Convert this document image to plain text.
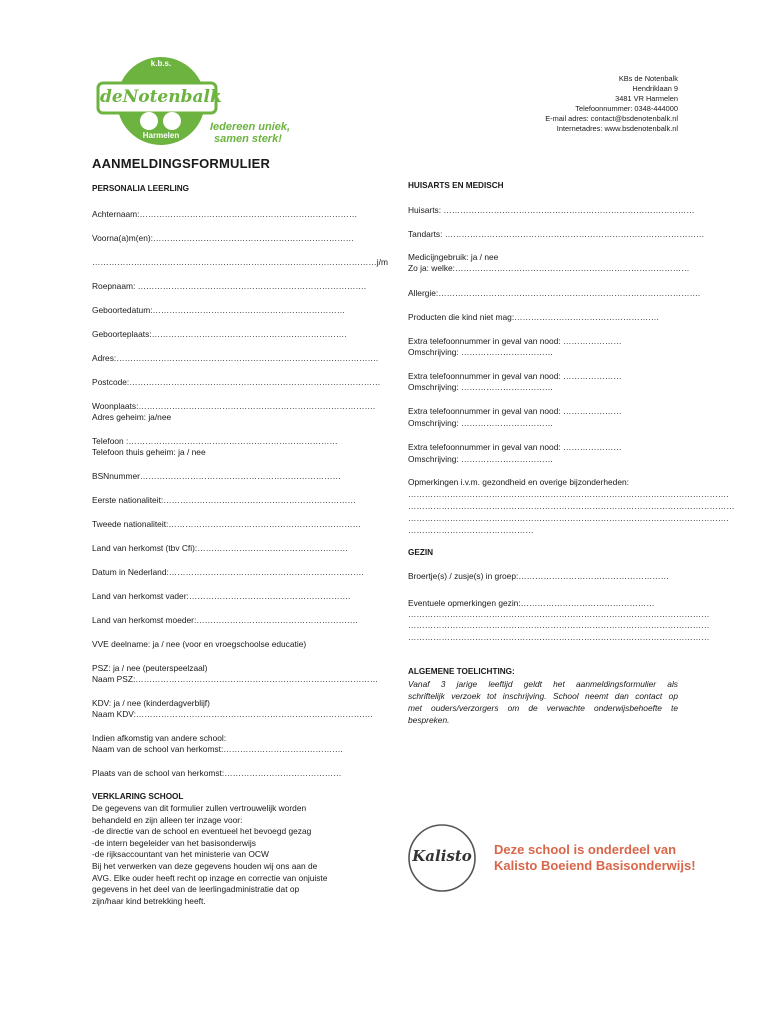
k.b.s.
deNotenbalk
Harmelen
Iedereen uniek,
samen sterk!
KBs de Notenbalk
Hendriklaan 9
3481 VR Harmelen
Telefoonnummer: 0348-444000
E-mail adres: contact@bsdenotenbalk.nl
Internetadres: www.bsdenotenbalk.nl
AANMELDINGSFORMULIER
PERSONALIA LEERLING
Achternaam:……………………………………………………………………
Voorna(a)m(en):………………………………………………………………
…………………………………………………………………………………………j/m
Roepnaam: ……………………………………………………………………….
Geboortedatum:……………………………………………………………
Geboorteplaats:…………………………………………………………….
Adres:………………………………………………………………………………….
Postcode:………………………………………………………………………………
Woonplaats:………………………………………………………………………….
Adres geheim: ja/nee
Telefoon :…………………………………………………………………
Telefoon thuis geheim: ja / nee
BSNnummer………………………………………………………………
Eerste nationaliteit:……………………………………………………………
Tweede nationaliteit:……………………………………………………………
Land van herkomst (tbv Cfi):………………………………………………
Datum in Nederland:…………………………………………………………….
Land van herkomst vader:………………………………………………….
Land van herkomst moeder:………………………………………………….
VVE deelname: ja / nee (voor en vroegschoolse educatie)
PSZ: ja / nee (peuterspeelzaal)
Naam PSZ:……………………………………………………………………………
KDV: ja / nee (kinderdagverblijf)
Naam KDV:………………………………………………………………………….
Indien afkomstig van andere school:
Naam van de school van herkomst:…………………………………….
Plaats van de school van herkomst:……………………………………
VERKLARING SCHOOL
De gegevens van dit formulier zullen vertrouwelijk worden
behandeld en zijn alleen ter inzage voor:
-de directie van de school en eventueel het bevoegd gezag
-de intern begeleider van het basisonderwijs
-de rijksaccountant van het ministerie van OCW
Bij het verwerken van deze gegevens houden wij ons aan de
AVG. Elke ouder heeft recht op inzage en correctie van onjuiste
gegevens in het deel van de leerlingadministratie dat op
zijn/haar kind betrekking heeft.
HUISARTS EN MEDISCH
Huisarts: ………………………………………………………………………………
Tandarts: …………………………………………………………………………………
Medicijngebruik: ja / nee
Zo ja: welke:…………………………………………………………………………
Allergie:………………………………………………………………………………….
Producten die kind niet mag:…………………………………………….
Extra telefoonnummer in geval van nood: …………………
Omschrijving: ……………………………
Extra telefoonnummer in geval van nood: …………………
Omschrijving: ……………………………
Extra telefoonnummer in geval van nood: …………………
Omschrijving: ……………………………
Extra telefoonnummer in geval van nood: …………………
Omschrijving: ……………………………
Opmerkingen i.v.m. gezondheid en overige bijzonderheden:
…………………………………………………………………………………………………….
………………………………………………………………………………………………………
…………………………………………………………………………………………………….
………………………………………
GEZIN
Broertje(s) / zusje(s) in groep:………………………………………………
Eventuele opmerkingen gezin:…………………………………………
………………………………………………………………………………………………
………………………………………………………………………………………………
………………………………………………………………………………………………
ALGEMENE TOELICHTING:
Vanaf 3 jarige leeftijd geldt het aanmeldingsformulier als
schriftelijk verzoek tot inschrijving. School neemt dan contact op
met ouders/verzorgers om de verwachte onderwijsbehoefte te
bespreken.
Kalisto	Deze school is onderdeel van
Kalisto Boeiend Basisonderwijs!
